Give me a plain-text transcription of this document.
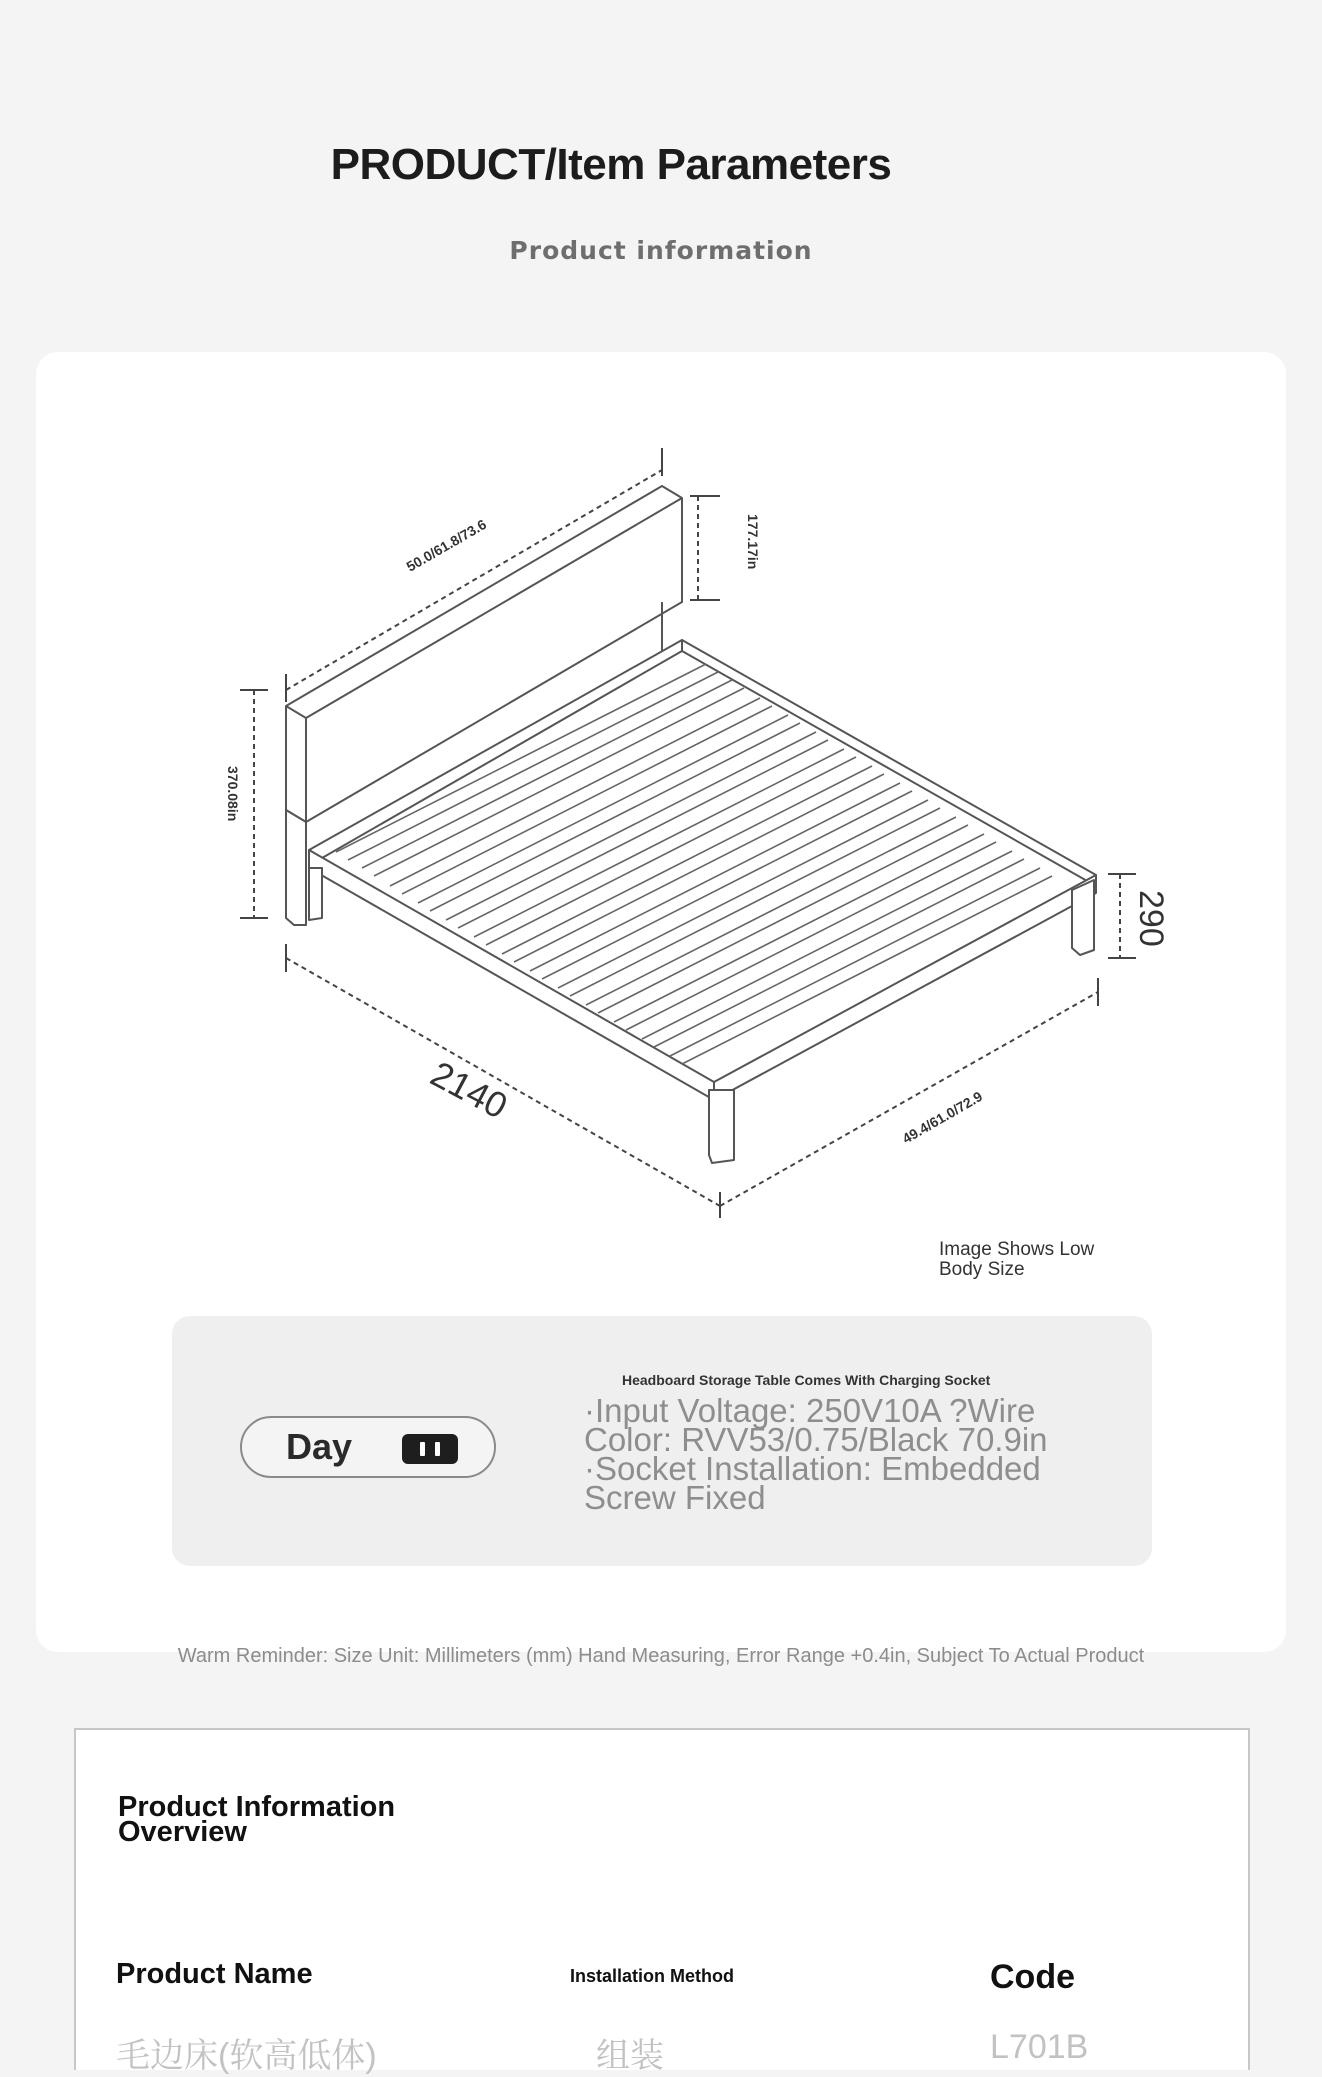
PRODUCT/Item Parameters
Product information
50.0/61.8/73.6	177.17in
370.08in
290
2140	49.4/61.0/72.9
Image Shows Low Body Size
Day
Headboard Storage Table Comes With Charging Socket
·Input Voltage: 250V10A ?Wire Color: RVV53/0.75/Black 70.9in
·Socket Installation: Embedded Screw Fixed
Warm Reminder: Size Unit: Millimeters (mm) Hand Measuring, Error Range +0.4in, Subject To Actual Product
Product Information Overview
Product Name	Installation Method	Code
毛边床(软高低体)	组装	L701B
